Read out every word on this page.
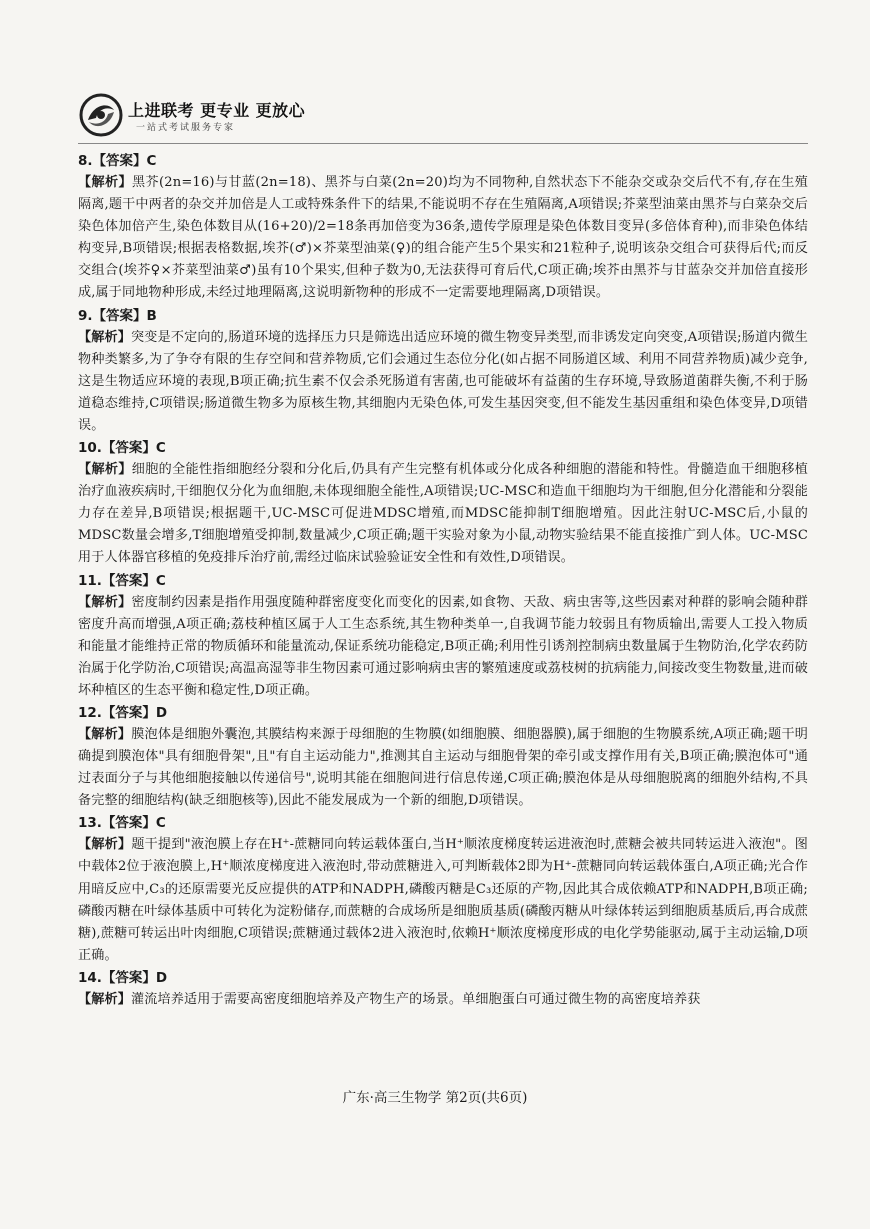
上进联考 更专业 更放心
一站式考试服务专家

8.【答案】C

【解析】黑芥(2n=16)与甘蓝(2n=18)、黑芥与白菜(2n=20)均为不同物种,自然状态下不能杂交或杂交后代不有,存在生殖隔离,题干中两者的杂交并加倍是人工或特殊条件下的结果,不能说明不存在生殖隔离,A项错误;芥菜型油菜由黑芥与白菜杂交后染色体加倍产生,染色体数目从(16+20)/2=18条再加倍变为36条,遗传学原理是染色体数目变异(多倍体育种),而非染色体结构变异,B项错误;根据表格数据,埃芥(♂)×芥菜型油菜(♀)的组合能产生5个果实和21粒种子,说明该杂交组合可获得后代;而反交组合(埃芥♀×芥菜型油菜♂)虽有10个果实,但种子数为0,无法获得可育后代,C项正确;埃芥由黑芥与甘蓝杂交并加倍直接形成,属于同地物种形成,未经过地理隔离,这说明新物种的形成不一定需要地理隔离,D项错误。

9.【答案】B

【解析】突变是不定向的,肠道环境的选择压力只是筛选出适应环境的微生物变异类型,而非诱发定向突变,A项错误;肠道内微生物种类繁多,为了争夺有限的生存空间和营养物质,它们会通过生态位分化(如占据不同肠道区域、利用不同营养物质)减少竞争,这是生物适应环境的表现,B项正确;抗生素不仅会杀死肠道有害菌,也可能破坏有益菌的生存环境,导致肠道菌群失衡,不利于肠道稳态维持,C项错误;肠道微生物多为原核生物,其细胞内无染色体,可发生基因突变,但不能发生基因重组和染色体变异,D项错误。

10.【答案】C

【解析】细胞的全能性指细胞经分裂和分化后,仍具有产生完整有机体或分化成各种细胞的潜能和特性。骨髓造血干细胞移植治疗血液疾病时,干细胞仅分化为血细胞,未体现细胞全能性,A项错误;UC-MSC和造血干细胞均为干细胞,但分化潜能和分裂能力存在差异,B项错误;根据题干,UC-MSC可促进MDSC增殖,而MDSC能抑制T细胞增殖。因此注射UC-MSC后,小鼠的MDSC数量会增多,T细胞增殖受抑制,数量减少,C项正确;题干实验对象为小鼠,动物实验结果不能直接推广到人体。UC-MSC用于人体器官移植的免疫排斥治疗前,需经过临床试验验证安全性和有效性,D项错误。

11.【答案】C

【解析】密度制约因素是指作用强度随种群密度变化而变化的因素,如食物、天敌、病虫害等,这些因素对种群的影响会随种群密度升高而增强,A项正确;荔枝种植区属于人工生态系统,其生物种类单一,自我调节能力较弱且有物质输出,需要人工投入物质和能量才能维持正常的物质循环和能量流动,保证系统功能稳定,B项正确;利用性引诱剂控制病虫数量属于生物防治,化学农药防治属于化学防治,C项错误;高温高湿等非生物因素可通过影响病虫害的繁殖速度或荔枝树的抗病能力,间接改变生物数量,进而破坏种植区的生态平衡和稳定性,D项正确。

12.【答案】D

【解析】膜泡体是细胞外囊泡,其膜结构来源于母细胞的生物膜(如细胞膜、细胞器膜),属于细胞的生物膜系统,A项正确;题干明确提到膜泡体"具有细胞骨架",且"有自主运动能力",推测其自主运动与细胞骨架的牵引或支撑作用有关,B项正确;膜泡体可"通过表面分子与其他细胞接触以传递信号",说明其能在细胞间进行信息传递,C项正确;膜泡体是从母细胞脱离的细胞外结构,不具备完整的细胞结构(缺乏细胞核等),因此不能发展成为一个新的细胞,D项错误。

13.【答案】C

【解析】题干提到"液泡膜上存在H⁺-蔗糖同向转运载体蛋白,当H⁺顺浓度梯度转运进液泡时,蔗糖会被共同转运进入液泡"。图中载体2位于液泡膜上,H⁺顺浓度梯度进入液泡时,带动蔗糖进入,可判断载体2即为H⁺-蔗糖同向转运载体蛋白,A项正确;光合作用暗反应中,C₃的还原需要光反应提供的ATP和NADPH,磷酸丙糖是C₃还原的产物,因此其合成依赖ATP和NADPH,B项正确;磷酸丙糖在叶绿体基质中可转化为淀粉储存,而蔗糖的合成场所是细胞质基质(磷酸丙糖从叶绿体转运到细胞质基质后,再合成蔗糖),蔗糖可转运出叶肉细胞,C项错误;蔗糖通过载体2进入液泡时,依赖H⁺顺浓度梯度形成的电化学势能驱动,属于主动运输,D项正确。

14.【答案】D

【解析】灌流培养适用于需要高密度细胞培养及产物生产的场景。单细胞蛋白可通过微生物的高密度培养获

广东·高三生物学 第2页(共6页)
